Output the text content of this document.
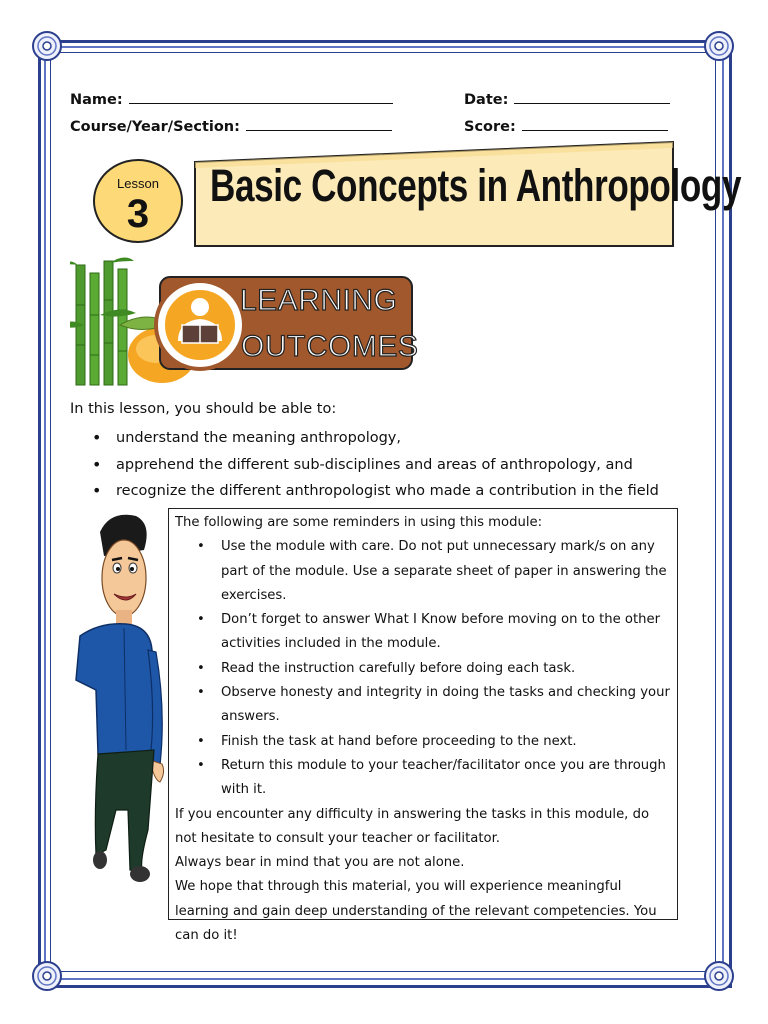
Name:	Date:
Course/Year/Section:	Score:
Lesson
3
Basic Concepts in Anthropology
LEARNING
OUTCOMES
In this lesson, you should be able to:
• understand the meaning anthropology,
• apprehend the different sub-disciplines and areas of anthropology, and
• recognize the different anthropologist who made a contribution in the field

The following are some reminders in using this module:

• Use the module with care. Do not put unnecessary mark/s on any part of the module. Use a separate sheet of paper in answering the exercises.
• Don’t forget to answer What I Know before moving on to the other activities included in the module.
• Read the instruction carefully before doing each task.
• Observe honesty and integrity in doing the tasks and checking your answers.
• Finish the task at hand before proceeding to the next.
• Return this module to your teacher/facilitator once you are through with it.

If you encounter any difficulty in answering the tasks in this module, do not hesitate to consult your teacher or facilitator.

Always bear in mind that you are not alone.

We hope that through this material, you will experience meaningful learning and gain deep understanding of the relevant competencies. You can do it!
